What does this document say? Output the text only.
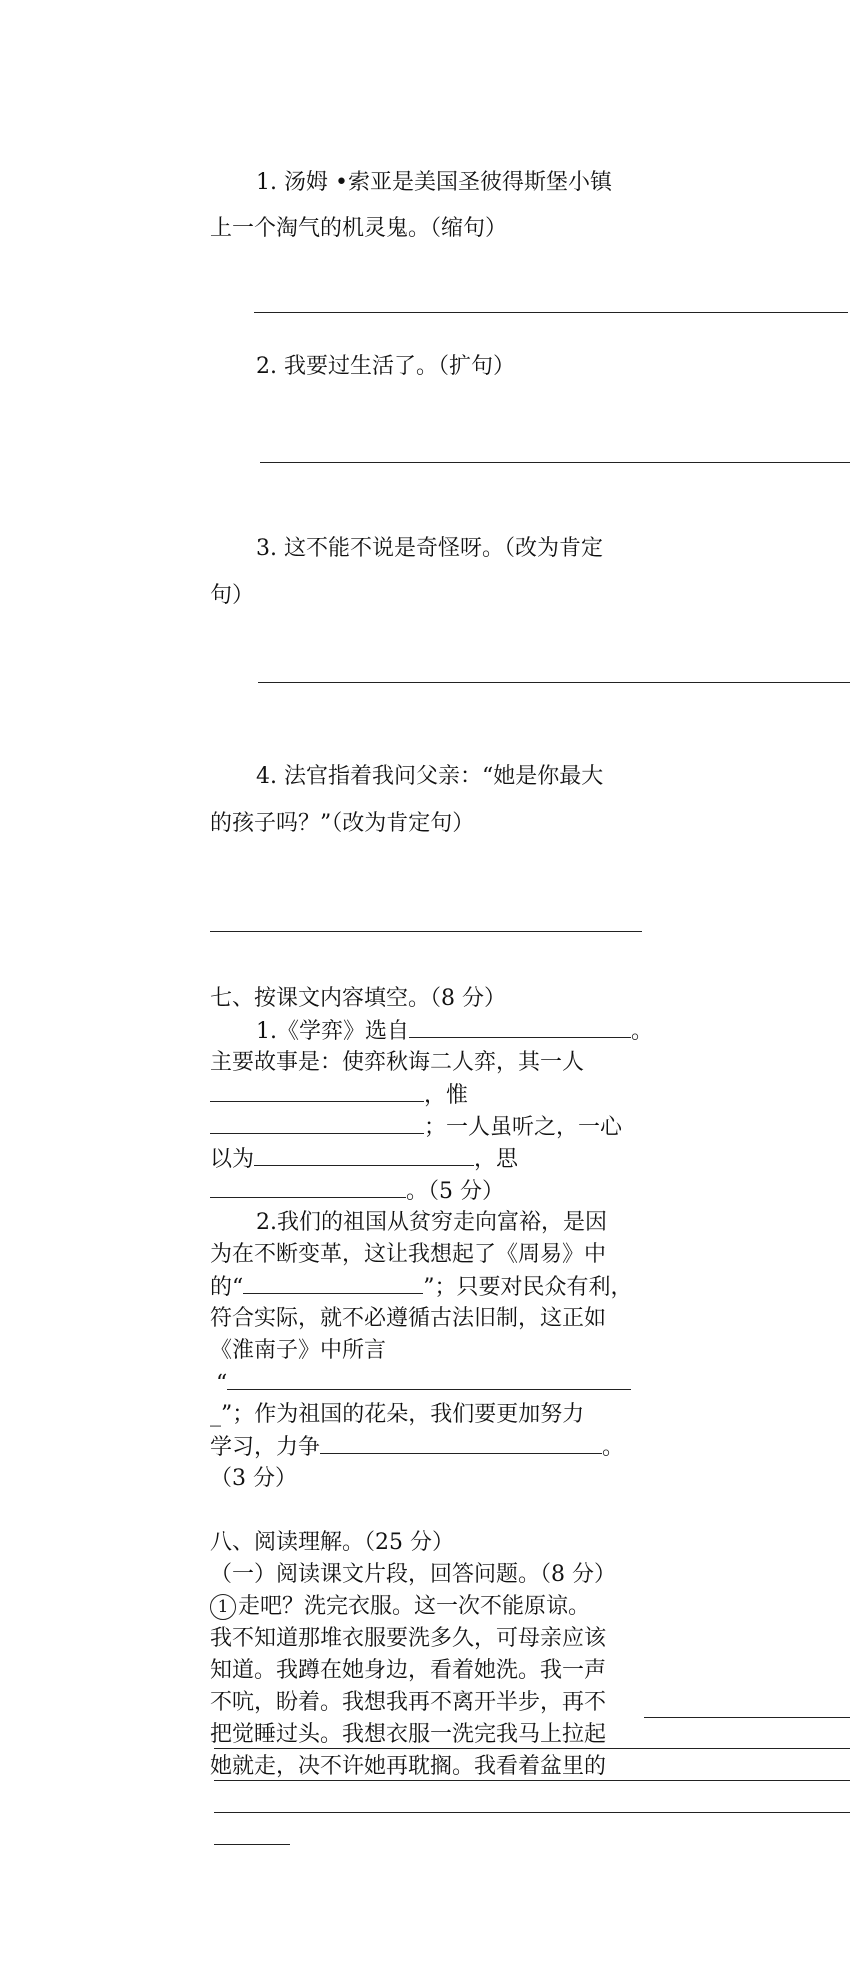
1. 汤姆 •索亚是美国圣彼得斯堡小镇
上一个淘气的机灵鬼。（缩句）
2. 我要过生活了。（扩句）
3. 这不能不说是奇怪呀。（改为肯定
句）
4. 法官指着我问父亲：“她是你最大
的孩子吗？”（改为肯定句）
七、按课文内容填空。（8 分）
1.《学弈》选自	。
主要故事是：使弈秋诲二人弈，其一人
，惟
；一人虽听之，一心
以为	，思
。（5 分）
2.我们的祖国从贫穷走向富裕，是因
为在不断变革，这让我想起了《周易》中
的“	”；只要对民众有利，
符合实际，就不必遵循古法旧制，这正如
《淮南子》中所言
“
_”；作为祖国的花朵，我们要更加努力
学习，力争	。
（3 分）
八、阅读理解。（25 分）
（一）阅读课文片段，回答问题。（8 分）
1 走吧？洗完衣服。这一次不能原谅。
我不知道那堆衣服要洗多久，可母亲应该
知道。我蹲在她身边，看着她洗。我一声
不吭，盼着。我想我再不离开半步，再不
把觉睡过头。我想衣服一洗完我马上拉起
她就走，决不许她再耽搁。我看着盆里的
